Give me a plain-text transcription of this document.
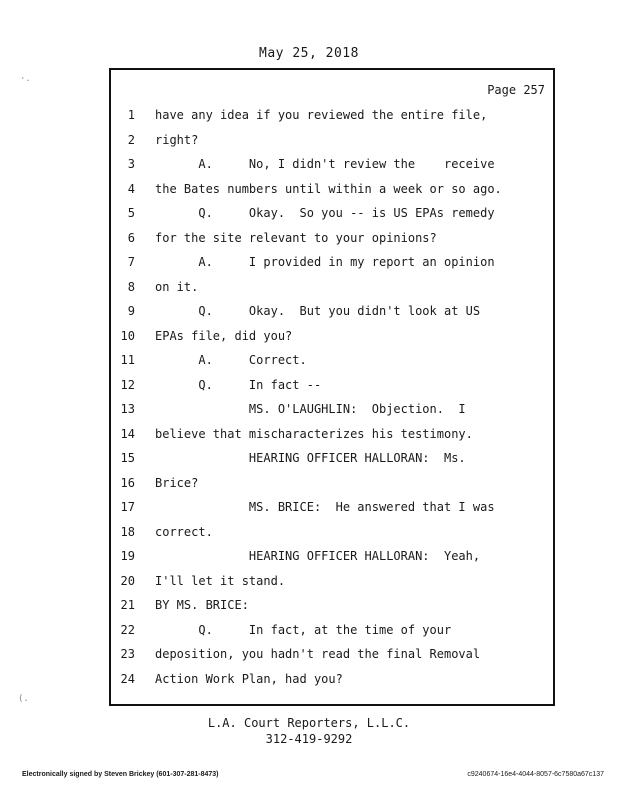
May 25, 2018
·.
(.
Page 257
1 have any idea if you reviewed the entire file,
2 right?
3 A.     No, I didn't review the    receive
4 the Bates numbers until within a week or so ago.
5 Q.     Okay.  So you -- is US EPAs remedy
6 for the site relevant to your opinions?
7 A.     I provided in my report an opinion
8 on it.
9 Q.     Okay.  But you didn't look at US
10 EPAs file, did you?
11 A.     Correct.
12 Q.     In fact --
13 MS. O'LAUGHLIN:  Objection.  I
14 believe that mischaracterizes his testimony.
15 HEARING OFFICER HALLORAN:  Ms.
16 Brice?
17 MS. BRICE:  He answered that I was
18 correct.
19 HEARING OFFICER HALLORAN:  Yeah,
20 I'll let it stand.
21 BY MS. BRICE:
22 Q.     In fact, at the time of your
23 deposition, you hadn't read the final Removal
24 Action Work Plan, had you?
L.A. Court Reporters, L.L.C.
312-419-9292
Electronically signed by Steven Brickey (601-307-281-8473)	c9240674-16e4-4044-8057-6c7580a67c137
